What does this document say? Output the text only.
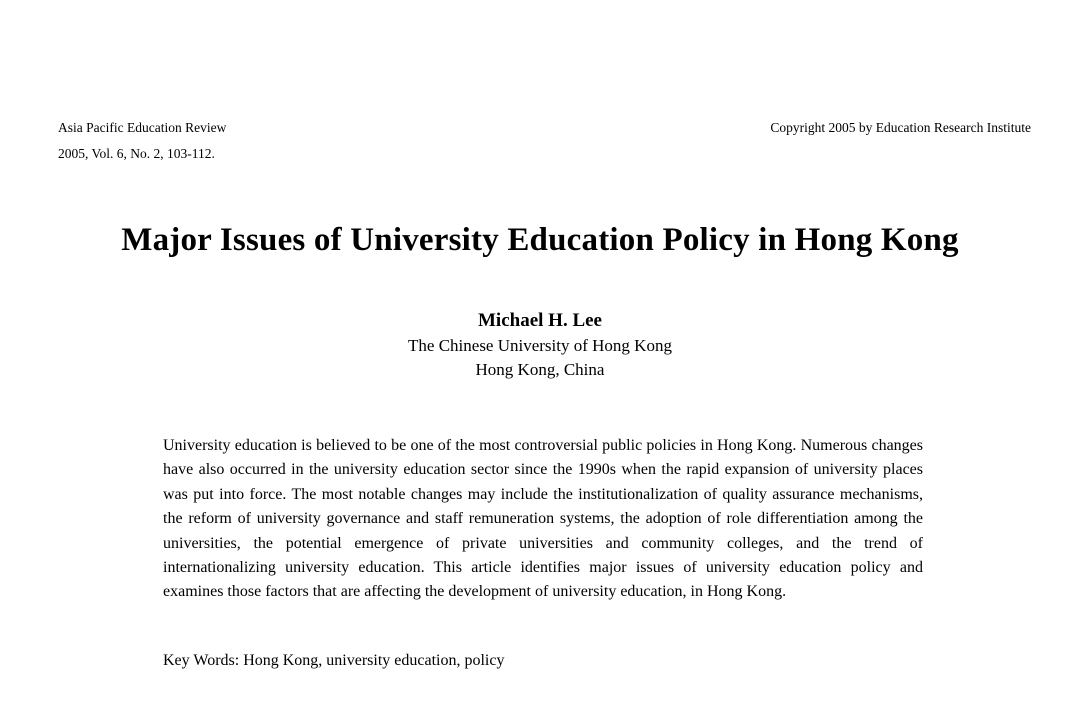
Asia Pacific Education Review
2005, Vol. 6, No. 2, 103-112.
Copyright 2005 by Education Research Institute
Major Issues of University Education Policy in Hong Kong
Michael H. Lee
The Chinese University of Hong Kong
Hong Kong, China

University education is believed to be one of the most controversial public policies in Hong Kong. Numerous changes have also occurred in the university education sector since the 1990s when the rapid expansion of university places was put into force. The most notable changes may include the institutionalization of quality assurance mechanisms, the reform of university governance and staff remuneration systems, the adoption of role differentiation among the universities, the potential emergence of private universities and community colleges, and the trend of internationalizing university education. This article identifies major issues of university education policy and examines those factors that are affecting the development of university education, in Hong Kong.

Key Words: Hong Kong, university education, policy
